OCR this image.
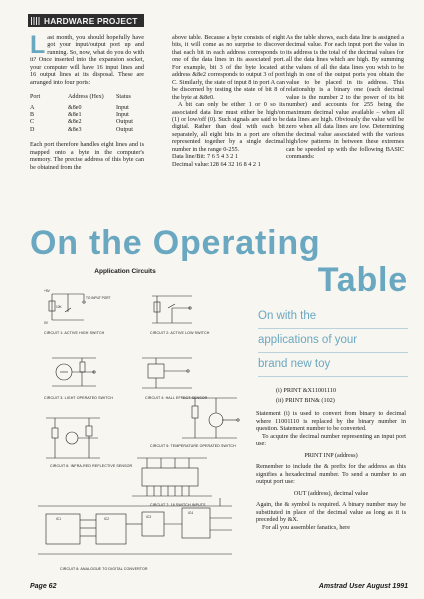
HARDWARE PROJECT

Last month, you should hopefully have got your input/output port up and running. So, now, what do you do with it? Once inserted into the expansion socket, your computer will have 16 input lines and 16 output lines at its disposal. These are arranged into four ports:

Port	Address (Hex)	Status

A	&8e0	Input
B	&8e1	Input
C	&8e2	Output
D	&8e3	Output

Each port therefore handles eight lines and is mapped onto a byte in the computer's memory. The precise address of this byte can be obtained from the

above table. Because a byte consists of eight bits, it will come as no surprise to discover that each bit in each address corresponds to one of the data lines in its associated port. For example, bit 3 of the byte located at address &8e2 corresponds to output 3 of port C. Similarly, the state of input 8 in port A can be discerned by testing the state of bit 8 of the byte at &8e0.

A bit can only be either 1 or 0 so its associated data line must either be high/on (1) or low/off (0). Such signals are said to be digital. Rather than deal with each bit separately, all eight bits in a port are often represented together by a single decimal number in the range 0-255.

Data line/Bit: 7 6 5 4 3 2 1

Decimal value:128 64 32 16 8 4 2 1

As the table shows, each data line is assigned a decimal value. For each input port the value in its address is the total of the decimal values for all the data lines which are high. By summing the values of all the data lines you wish to be high in one of the output ports you obtain the value to be placed in its address. This relationship is a binary one (each decimal value is the number 2 to the power of its bit number) and accounts for 255 being the maximum decimal value available – when all data lines are high. Obviously the value will be zero when all data lines are low. Determining the decimal value associated with the various high/low patterns in between these extremes can be speeded up with the following BASIC commands:

On the Operating
Table
On with the
applications of your
brand new toy

(i) PRINT &X11001110

(ii) PRINT BIN& (102)

Statement (i) is used to convert from binary to decimal where 11001110 is replaced by the binary number in question. Statement number to be converted.

To acquire the decimal number representing an input port use:

PRINT INP (address)

Remember to include the & prefix for the address as this signifies a hexadecimal number. To send a number to an output port use:

OUT (address), decimal value

Again, the & symbol is required. A binary number may be substituted in place of the decimal value as long as it is preceded by &X.

For all you assembler fanatics, here

Application Circuits
TO INPUT PORT
10K
+5V
0V
IC1	IC2	IC3
IC4
CIRCUIT 1: ACTIVE HIGH SWITCH	CIRCUIT 2: ACTIVE LOW SWITCH
CIRCUIT 3: LIGHT OPERATED SWITCH	CIRCUIT 4: HALL EFFECT SENSOR
CIRCUIT 5: TEMPERATURE OPERATED SWITCH
CIRCUIT 6: INFRA-RED REFLECTIVE SENSOR
CIRCUIT 7: 16 SWITCH INPUTS
CIRCUIT 8: ANALOGUE TO DIGITAL CONVERTOR
Page 62	Amstrad User August 1991
